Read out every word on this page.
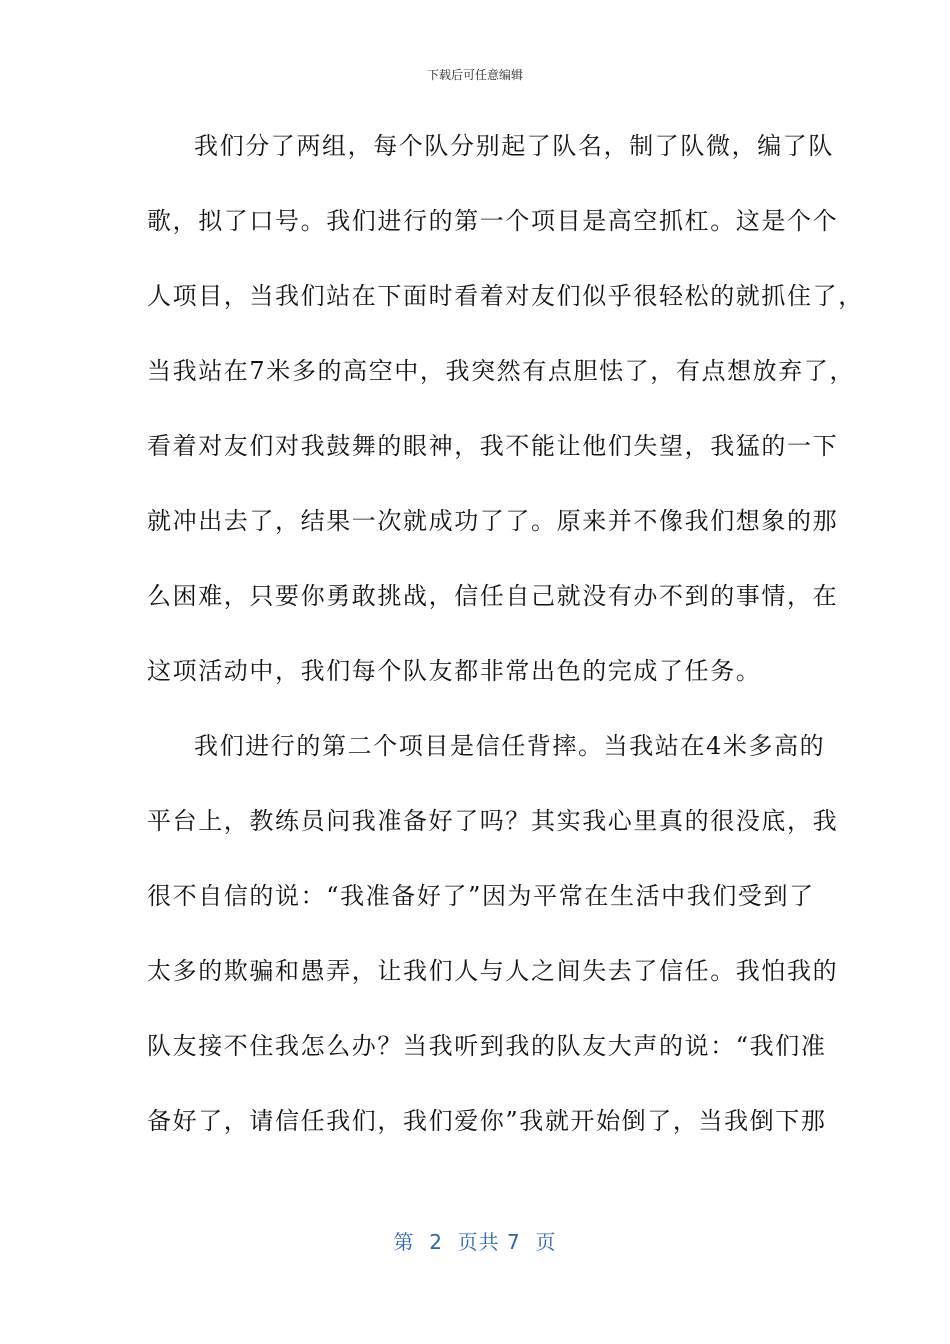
下载后可任意编辑
我们分了两组，每个队分别起了队名，制了队微，编了队
歌，拟了口号。我们进行的第一个项目是高空抓杠。这是个个
人项目，当我们站在下面时看着对友们似乎很轻松的就抓住了，
当我站在7米多的高空中，我突然有点胆怯了，有点想放弃了，
看着对友们对我鼓舞的眼神，我不能让他们失望，我猛的一下
就冲出去了，结果一次就成功了了。原来并不像我们想象的那
么困难，只要你勇敢挑战，信任自己就没有办不到的事情，在
这项活动中，我们每个队友都非常出色的完成了任务。
我们进行的第二个项目是信任背摔。当我站在4米多高的
平台上，教练员问我准备好了吗？其实我心里真的很没底，我
很不自信的说：“我准备好了”因为平常在生活中我们受到了
太多的欺骗和愚弄，让我们人与人之间失去了信任。我怕我的
队友接不住我怎么办？当我听到我的队友大声的说：“我们准
备好了，请信任我们，我们爱你”我就开始倒了，当我倒下那
第  2  页共 7  页
